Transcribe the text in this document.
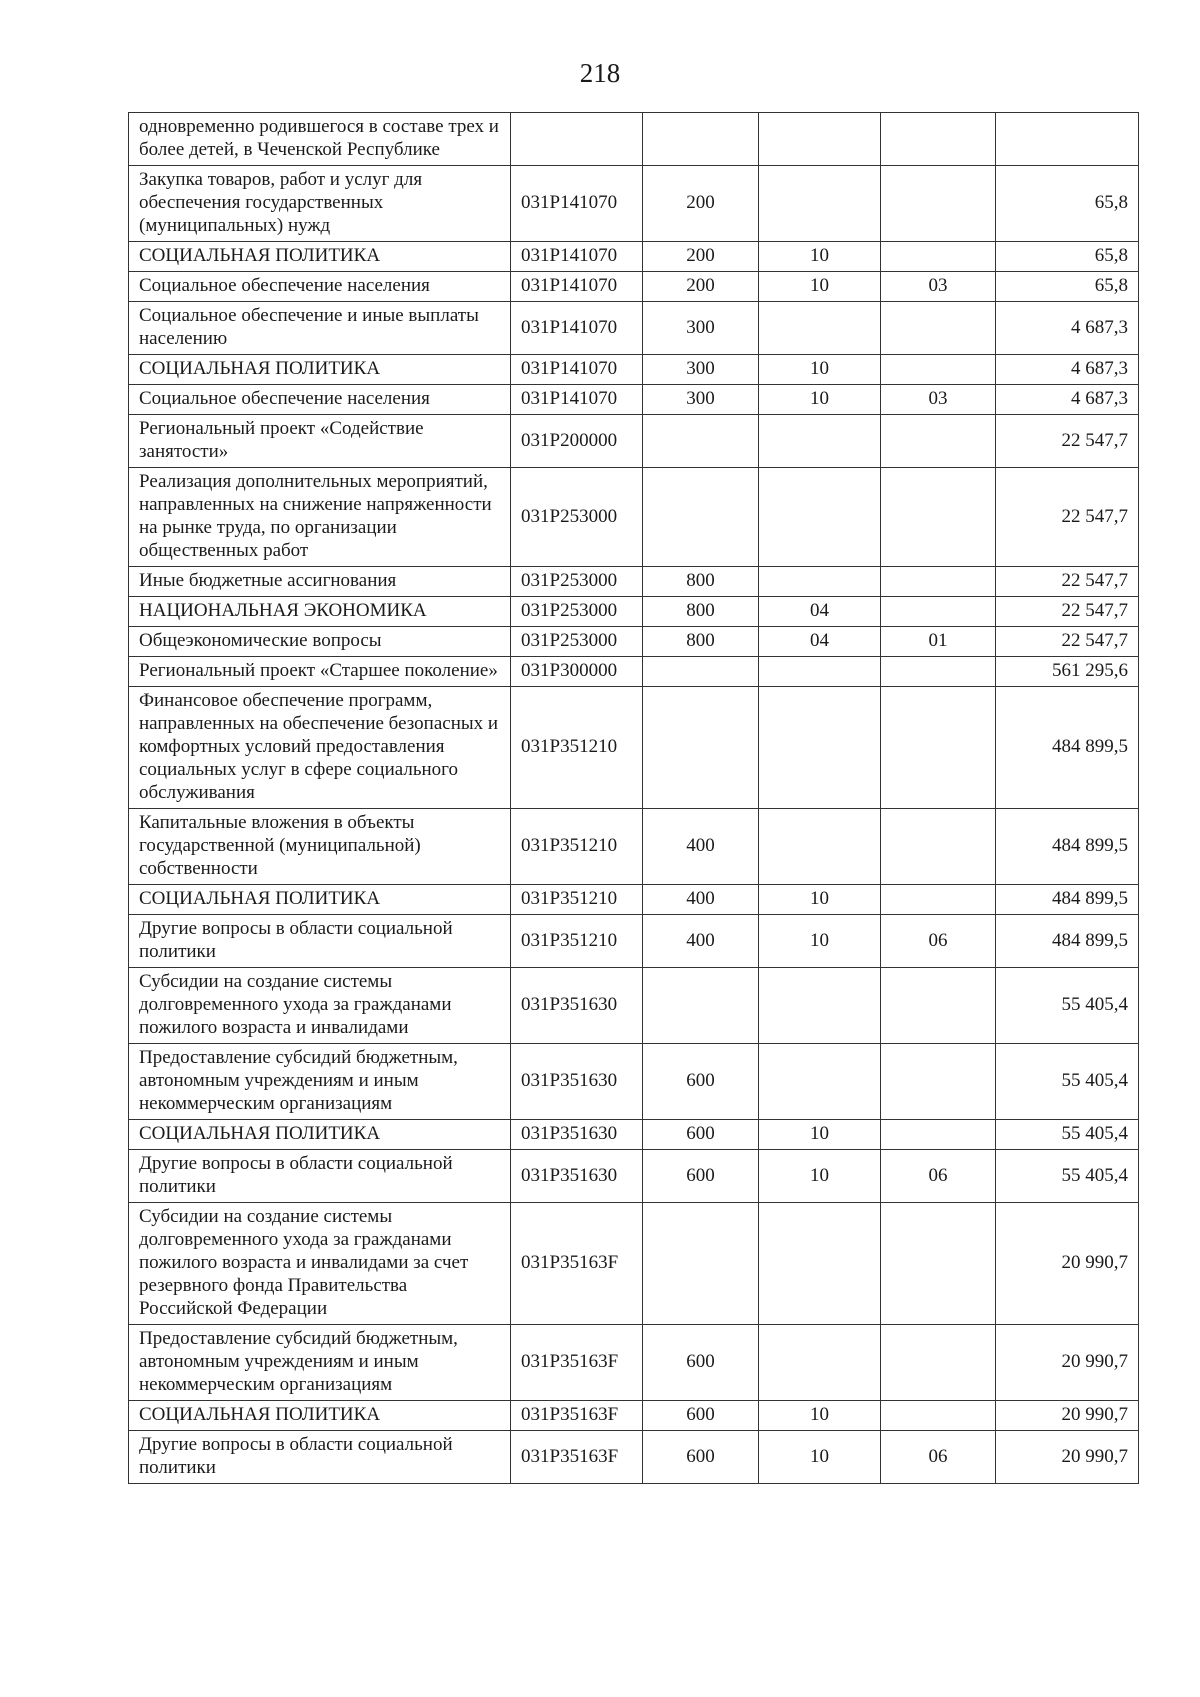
218
одновременно родившегося в составе трех и более детей, в Чеченской Республике					
Закупка товаров, работ и услуг для обеспечения государственных (муниципальных) нужд	031P141070	200			65,8
СОЦИАЛЬНАЯ ПОЛИТИКА	031P141070	200	10		65,8
Социальное обеспечение населения	031P141070	200	10	03	65,8
Социальное обеспечение и иные выплаты населению	031P141070	300			4 687,3
СОЦИАЛЬНАЯ ПОЛИТИКА	031P141070	300	10		4 687,3
Социальное обеспечение населения	031P141070	300	10	03	4 687,3
Региональный проект «Содействие занятости»	031P200000				22 547,7
Реализация дополнительных мероприятий, направленных на снижение напряженности на рынке труда, по организации общественных работ	031P253000				22 547,7
Иные бюджетные ассигнования	031P253000	800			22 547,7
НАЦИОНАЛЬНАЯ ЭКОНОМИКА	031P253000	800	04		22 547,7
Общеэкономические вопросы	031P253000	800	04	01	22 547,7
Региональный проект «Старшее поколение»	031P300000				561 295,6
Финансовое обеспечение программ, направленных на обеспечение безопасных и комфортных условий предоставления социальных услуг в сфере социального обслуживания	031P351210				484 899,5
Капитальные вложения в объекты государственной (муниципальной) собственности	031P351210	400			484 899,5
СОЦИАЛЬНАЯ ПОЛИТИКА	031P351210	400	10		484 899,5
Другие вопросы в области социальной политики	031P351210	400	10	06	484 899,5
Субсидии на создание системы долговременного ухода за гражданами пожилого возраста и инвалидами	031P351630				55 405,4
Предоставление субсидий бюджетным, автономным учреждениям и иным некоммерческим организациям	031P351630	600			55 405,4
СОЦИАЛЬНАЯ ПОЛИТИКА	031P351630	600	10		55 405,4
Другие вопросы в области социальной политики	031P351630	600	10	06	55 405,4
Субсидии на создание системы долговременного ухода за гражданами пожилого возраста и инвалидами за счет резервного фонда Правительства Российской Федерации	031P35163F				20 990,7
Предоставление субсидий бюджетным, автономным учреждениям и иным некоммерческим организациям	031P35163F	600			20 990,7
СОЦИАЛЬНАЯ ПОЛИТИКА	031P35163F	600	10		20 990,7
Другие вопросы в области социальной политики	031P35163F	600	10	06	20 990,7
